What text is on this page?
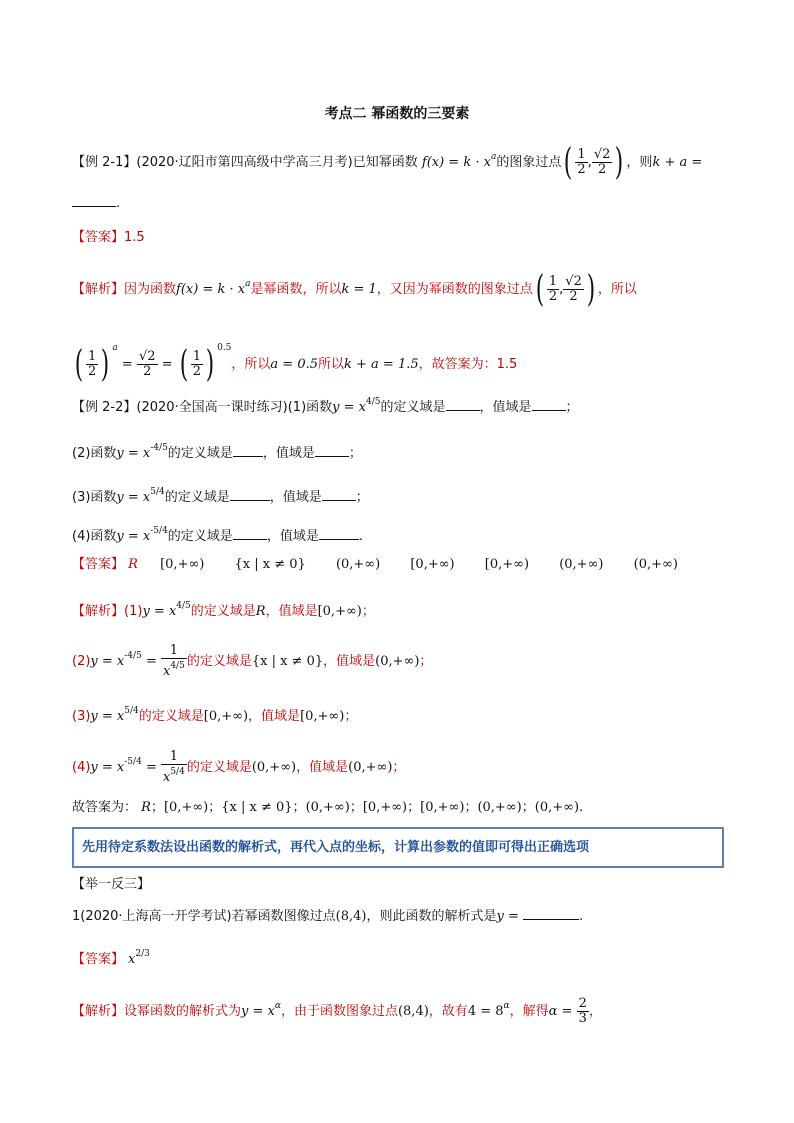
考点二 幂函数的三要素
【例 2-1】(2020·辽阳市第四高级中学高三月考)已知幂函数 $f(x) = k \cdot x^a$的图象过点( $\frac{1}{2}$ , $\frac{√2}{2}$ ) ，则k + a =
.
【答案】1.5
【解析】因为函数$f(x) = k \cdot x^a$是幂函数，所以k = 1，又因为幂函数的图象过点( $\frac{1}{2}$ , $\frac{√2}{2}$ ) ，所以
( $\frac{1}{2}$ ) $^a = \frac{√2}{2}$ = ( $\frac{1}{2}$ ) $^{0.5}$，所以a = 0.5所以k + a = 1.5，故答案为：1.5
【例 2-2】(2020·全国高一课时练习)(1)函数$y = x^{4/5}$的定义域是	，值域是	；
(2)函数$y = x^{-4/5}$的定义域是 ，值域是	；
(3)函数$y = x^{5/4}$的定义域是	，值域是	；
(4)函数$y = x^{-5/4}$的定义域是	，值域是	.
【答案】 R [0,+∞) {x | x ≠ 0} (0,+∞) [0,+∞) [0,+∞) (0,+∞) (0,+∞)
【解析】$(1)y = x^{4/5}$的定义域是R，值域是[0,+∞)；
$(2)y = x^{-4/5} = \frac{1}{x^{4/5}}$ 的定义域是{x | x ≠ 0}，值域是(0,+∞)；
$(3)y = x^{5/4}$的定义域是[0,+∞)，值域是[0,+∞)；
$(4)y = x^{-5/4} = \frac{1}{x^{5/4}}$ 的定义域是(0,+∞)，值域是(0,+∞)；
故答案为： R；[0,+∞)；{x | x ≠ 0}；(0,+∞)；[0,+∞)；[0,+∞)；(0,+∞)；(0,+∞).
先用待定系数法设出函数的解析式，再代入点的坐标，计算出参数的值即可得出正确选项
【举一反三】
1(2020·上海高一开学考试)若幂函数图像过点(8,4)，则此函数的解析式是y =	.
【答案】 $x^{2/3}$
【解析】设幂函数的解析式为$y = x^\alpha$，由于函数图象过点(8,4)，故有$4 = 8^\alpha$，解得$\alpha = \frac{2}{3}$ ，
